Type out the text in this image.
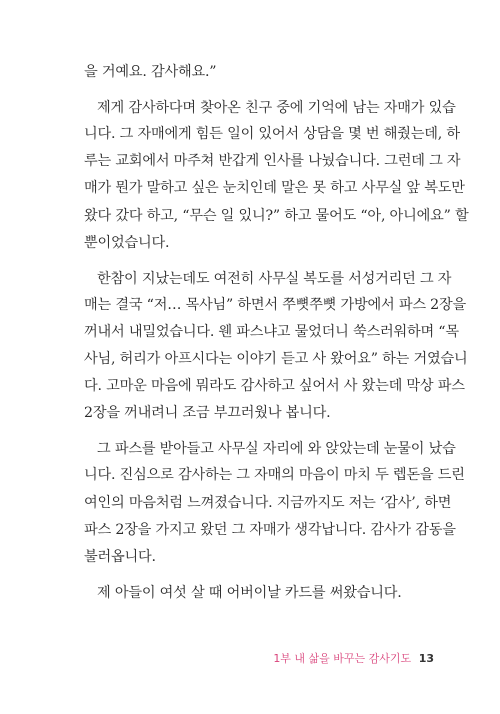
을 거예요. 감사해요.”
제게 감사하다며 찾아온 친구 중에 기억에 남는 자매가 있습
니다. 그 자매에게 힘든 일이 있어서 상담을 몇 번 해줬는데, 하
루는 교회에서 마주쳐 반갑게 인사를 나눴습니다. 그런데 그 자
매가 뭔가 말하고 싶은 눈치인데 말은 못 하고 사무실 앞 복도만
왔다 갔다 하고, “무슨 일 있니?” 하고 물어도 “아, 아니에요” 할
뿐이었습니다.
한참이 지났는데도 여전히 사무실 복도를 서성거리던 그 자
매는 결국 “저… 목사님” 하면서 쭈뼛쭈뼛 가방에서 파스 2장을
꺼내서 내밀었습니다. 웬 파스냐고 물었더니 쑥스러워하며 “목
사님, 허리가 아프시다는 이야기 듣고 사 왔어요” 하는 거였습니
다. 고마운 마음에 뭐라도 감사하고 싶어서 사 왔는데 막상 파스
2장을 꺼내려니 조금 부끄러웠나 봅니다.
그 파스를 받아들고 사무실 자리에 와 앉았는데 눈물이 났습
니다. 진심으로 감사하는 그 자매의 마음이 마치 두 렙돈을 드린
여인의 마음처럼 느껴졌습니다. 지금까지도 저는 ‘감사’, 하면
파스 2장을 가지고 왔던 그 자매가 생각납니다. 감사가 감동을
불러옵니다.
제 아들이 여섯 살 때 어버이날 카드를 써왔습니다.
1부 내 삶을 바꾸는 감사기도 13
